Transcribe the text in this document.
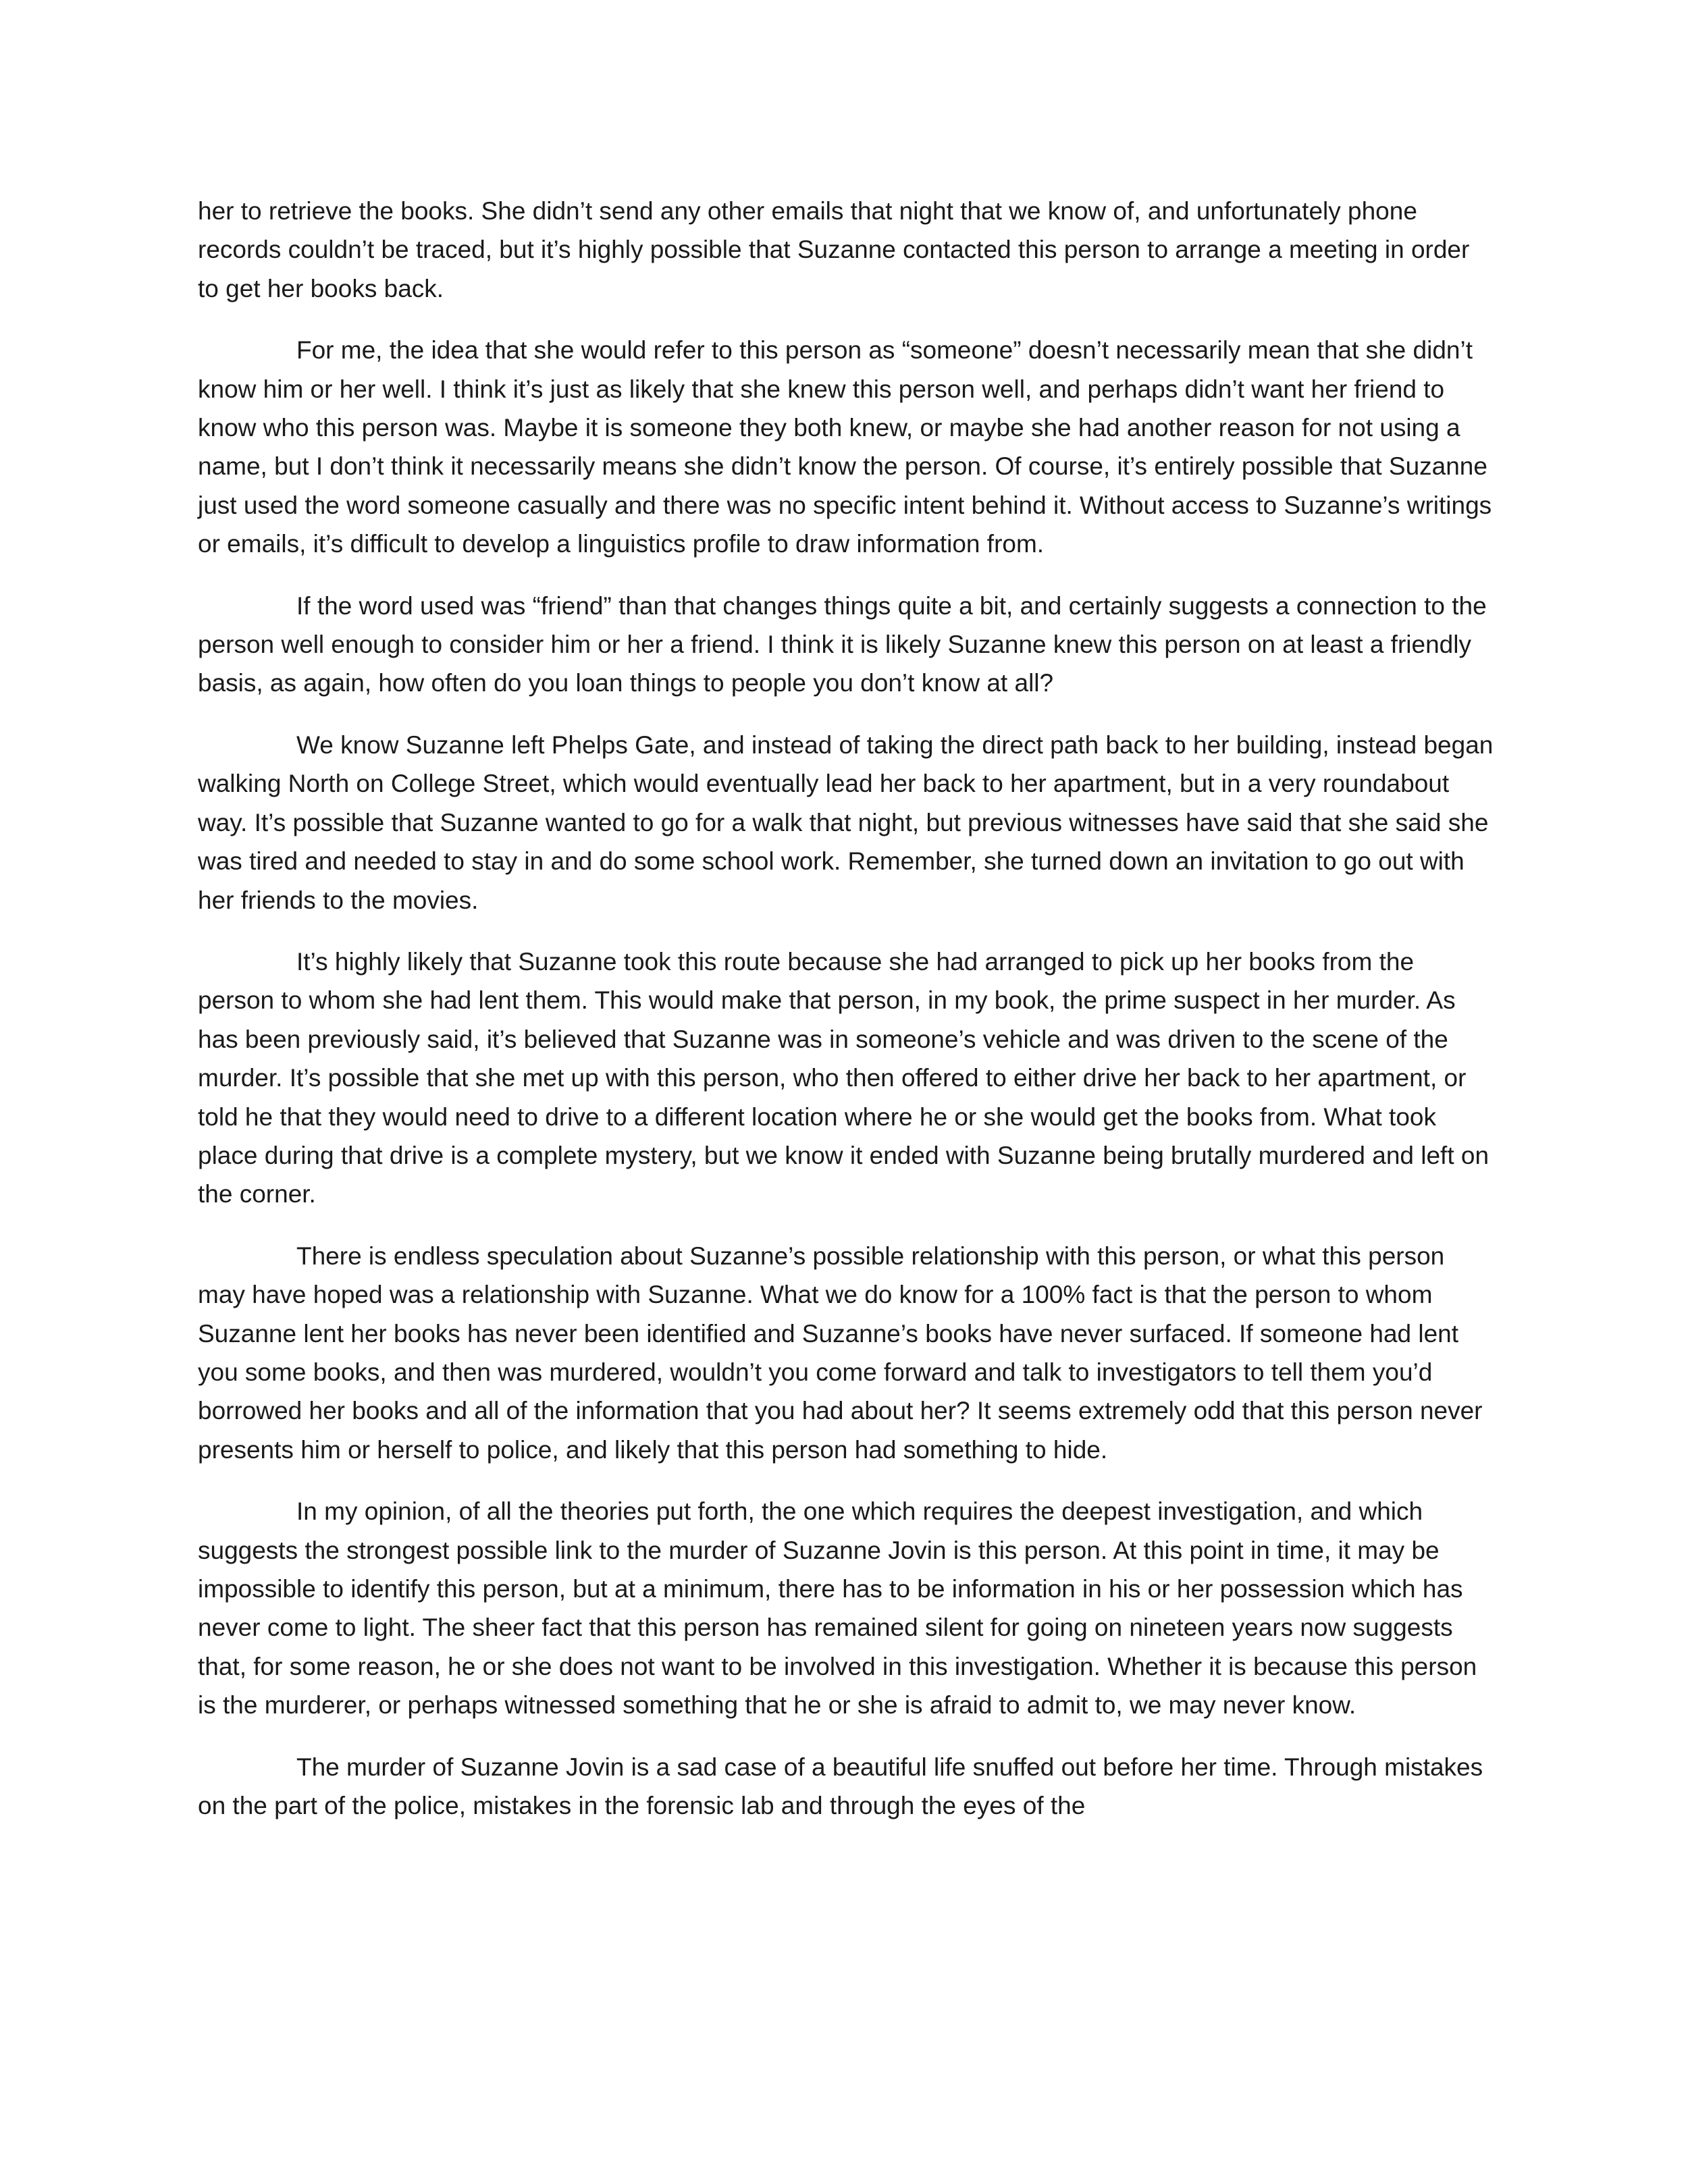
her to retrieve the books. She didn’t send any other emails that night that we know of, and unfortunately phone records couldn’t be traced, but it’s highly possible that Suzanne contacted this person to arrange a meeting in order to get her books back.

For me, the idea that she would refer to this person as “someone” doesn’t necessarily mean that she didn’t know him or her well. I think it’s just as likely that she knew this person well, and perhaps didn’t want her friend to know who this person was. Maybe it is someone they both knew, or maybe she had another reason for not using a name, but I don’t think it necessarily means she didn’t know the person. Of course, it’s entirely possible that Suzanne just used the word someone casually and there was no specific intent behind it. Without access to Suzanne’s writings or emails, it’s difficult to develop a linguistics profile to draw information from.

If the word used was “friend” than that changes things quite a bit, and certainly suggests a connection to the person well enough to consider him or her a friend. I think it is likely Suzanne knew this person on at least a friendly basis, as again, how often do you loan things to people you don’t know at all?

We know Suzanne left Phelps Gate, and instead of taking the direct path back to her building, instead began walking North on College Street, which would eventually lead her back to her apartment, but in a very roundabout way. It’s possible that Suzanne wanted to go for a walk that night, but previous witnesses have said that she said she was tired and needed to stay in and do some school work. Remember, she turned down an invitation to go out with her friends to the movies.

It’s highly likely that Suzanne took this route because she had arranged to pick up her books from the person to whom she had lent them. This would make that person, in my book, the prime suspect in her murder. As has been previously said, it’s believed that Suzanne was in someone’s vehicle and was driven to the scene of the murder. It’s possible that she met up with this person, who then offered to either drive her back to her apartment, or told he that they would need to drive to a different location where he or she would get the books from. What took place during that drive is a complete mystery, but we know it ended with Suzanne being brutally murdered and left on the corner.

There is endless speculation about Suzanne’s possible relationship with this person, or what this person may have hoped was a relationship with Suzanne. What we do know for a 100% fact is that the person to whom Suzanne lent her books has never been identified and Suzanne’s books have never surfaced. If someone had lent you some books, and then was murdered, wouldn’t you come forward and talk to investigators to tell them you’d borrowed her books and all of the information that you had about her? It seems extremely odd that this person never presents him or herself to police, and likely that this person had something to hide.

In my opinion, of all the theories put forth, the one which requires the deepest investigation, and which suggests the strongest possible link to the murder of Suzanne Jovin is this person. At this point in time, it may be impossible to identify this person, but at a minimum, there has to be information in his or her possession which has never come to light. The sheer fact that this person has remained silent for going on nineteen years now suggests that, for some reason, he or she does not want to be involved in this investigation. Whether it is because this person is the murderer, or perhaps witnessed something that he or she is afraid to admit to, we may never know.

The murder of Suzanne Jovin is a sad case of a beautiful life snuffed out before her time. Through mistakes on the part of the police, mistakes in the forensic lab and through the eyes of the
